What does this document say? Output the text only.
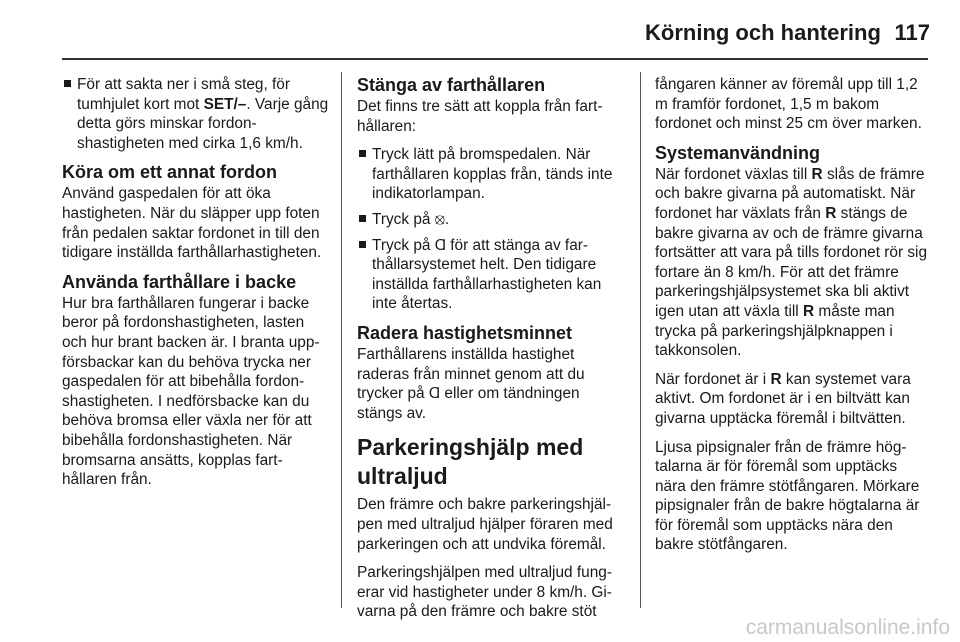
Körning och hantering 117
För att sakta ner i små steg, för tumhjulet kort mot SET/–. Varje gång detta görs minskar fordonshastigheten med cirka 1,6 km/h.
Köra om ett annat fordon

Använd gaspedalen för att öka hastigheten. När du släpper upp foten från pedalen saktar fordonet in till den tidigare inställda farthållarhastigheten.

Använda farthållare i backe

Hur bra farthållaren fungerar i backe beror på fordonshastigheten, lasten och hur brant backen är. I branta uppförsbackar kan du behöva trycka ner gaspedalen för att bibehålla fordonshastigheten. I nedförsbacke kan du behöva bromsa eller växla ner för att bibehålla fordonshastigheten. När bromsarna ansätts, kopplas farthållaren från.

Stänga av farthållaren

Det finns tre sätt att koppla från farthållaren:

Tryck lätt på bromspedalen. När farthållaren kopplas från, tänds inte indikatorlampan.
Tryck på ⦻.
Tryck på Ɑ för att stänga av farthållarsystemet helt. Den tidigare inställda farthållarhastigheten kan inte återtas.
Radera hastighetsminnet

Farthållarens inställda hastighet raderas från minnet genom att du trycker på Ɑ eller om tändningen stängs av.

Parkeringshjälp med ultraljud

Den främre och bakre parkeringshjälpen med ultraljud hjälper föraren med parkeringen och att undvika föremål.

Parkeringshjälpen med ultraljud fungerar vid hastigheter under 8 km/h. Givarna på den främre och bakre stöt

fångaren känner av föremål upp till 1,2 m framför fordonet, 1,5 m bakom fordonet och minst 25 cm över marken.

Systemanvändning

När fordonet växlas till R slås de främre och bakre givarna på automatiskt. När fordonet har växlats från R stängs de bakre givarna av och de främre givarna fortsätter att vara på tills fordonet rör sig fortare än 8 km/h. För att det främre parkeringshjälpsystemet ska bli aktivt igen utan att växla till R måste man trycka på parkeringshjälpknappen i takkonsolen.

När fordonet är i R kan systemet vara aktivt. Om fordonet är i en biltvätt kan givarna upptäcka föremål i biltvätten.

Ljusa pipsignaler från de främre högtalarna är för föremål som upptäcks nära den främre stötfångaren. Mörkare pipsignaler från de bakre högtalarna är för föremål som upptäcks nära den bakre stötfångaren.

carmanualsonline.info
